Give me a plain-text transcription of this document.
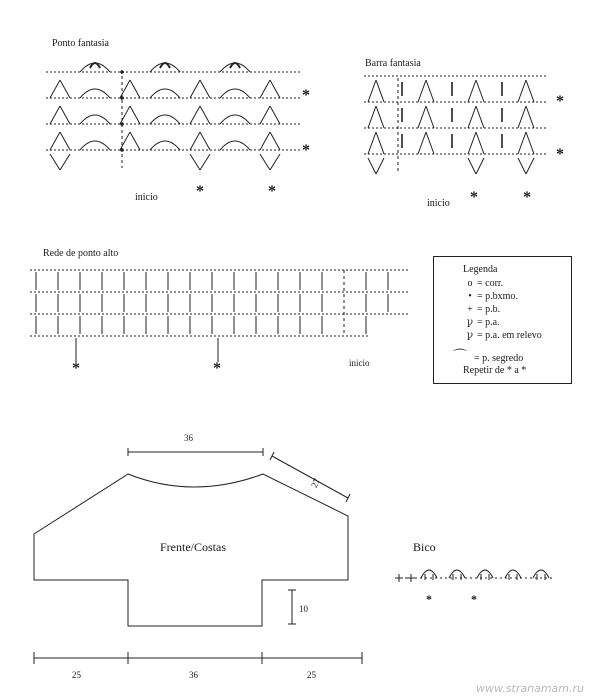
Ponto fantasia
inicio
*
*
*	*
Barra fantasia
inicio
*
*
*	*
Rede de ponto alto
inicio
*	*
Legenda
o = corr.
• = p.bxmo.
+ = p.b.
ꝩ = p.a.
ꝩ = p.a. em relevo
⌒ = p. segredo
Repetir de * a *
Frente/Costas
36
27
25	36	25
10
Bico
*	*
www.stranamam.ru
